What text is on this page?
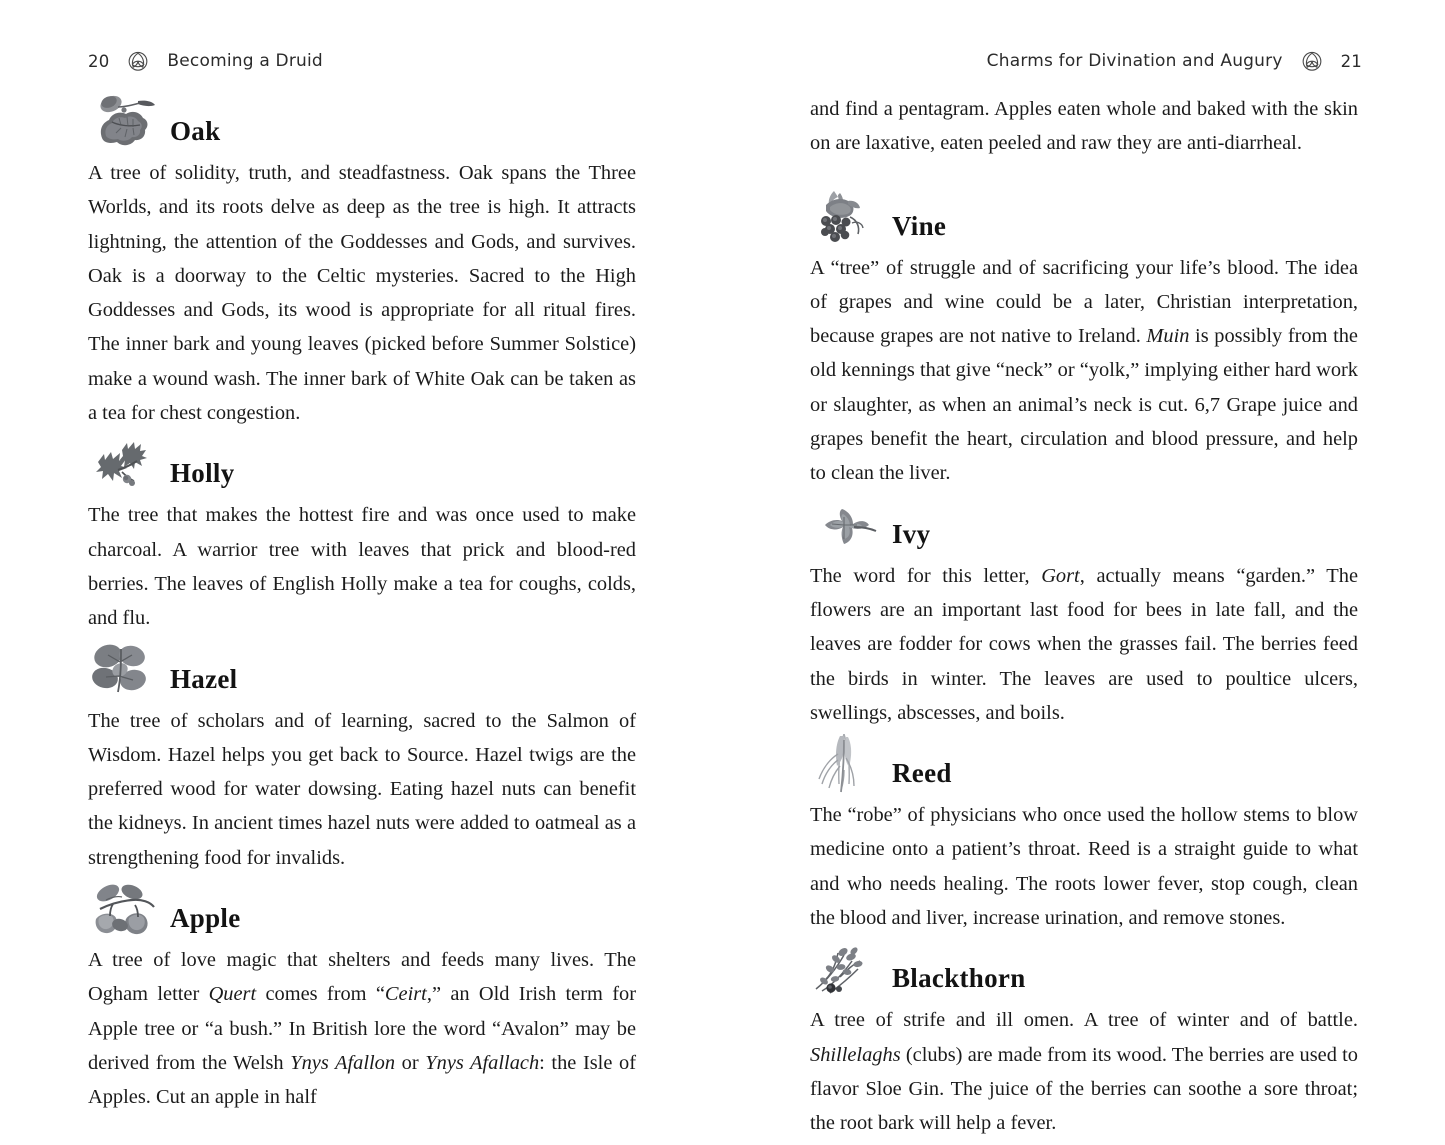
20	Becoming a Druid	Charms for Divination and Augury	21
Oak

A tree of solidity, truth, and steadfastness. Oak spans the Three Worlds, and its roots delve as deep as the tree is high. It attracts lightning, the attention of the Goddesses and Gods, and survives. Oak is a doorway to the Celtic mysteries. Sacred to the High Goddesses and Gods, its wood is appropriate for all ritual fires. The inner bark and young leaves (picked before Summer Solstice) make a wound wash. The inner bark of White Oak can be taken as a tea for chest congestion.

Holly

The tree that makes the hottest fire and was once used to make charcoal. A warrior tree with leaves that prick and blood-red berries. The leaves of English Holly make a tea for coughs, colds, and flu.

Hazel

The tree of scholars and of learning, sacred to the Salmon of Wisdom. Hazel helps you get back to Source. Hazel twigs are the preferred wood for water dowsing. Eating hazel nuts can benefit the kidneys. In ancient times hazel nuts were added to oatmeal as a strengthening food for invalids.

Apple

A tree of love magic that shelters and feeds many lives. The Ogham letter Quert comes from “Ceirt,” an Old Irish term for Apple tree or “a bush.” In British lore the word “Avalon” may be derived from the Welsh Ynys Afallon or Ynys Afallach: the Isle of Apples. Cut an apple in half

and find a pentagram. Apples eaten whole and baked with the skin on are laxative, eaten peeled and raw they are anti-diarrheal.

Vine

A “tree” of struggle and of sacrificing your life’s blood. The idea of grapes and wine could be a later, Christian interpretation, because grapes are not native to Ireland. Muin is possibly from the old kennings that give “neck” or “yolk,” implying either hard work or slaughter, as when an animal’s neck is cut. 6,7 Grape juice and grapes benefit the heart, circulation and blood pressure, and help to clean the liver.

Ivy

The word for this letter, Gort, actually means “garden.” The flowers are an important last food for bees in late fall, and the leaves are fodder for cows when the grasses fail. The berries feed the birds in winter. The leaves are used to poultice ulcers, swellings, abscesses, and boils.

Reed

The “robe” of physicians who once used the hollow stems to blow medicine onto a patient’s throat. Reed is a straight guide to what and who needs healing. The roots lower fever, stop cough, clean the blood and liver, increase urination, and remove stones.

Blackthorn

A tree of strife and ill omen. A tree of winter and of battle. Shillelaghs (clubs) are made from its wood. The berries are used to flavor Sloe Gin. The juice of the berries can soothe a sore throat; the root bark will help a fever.
